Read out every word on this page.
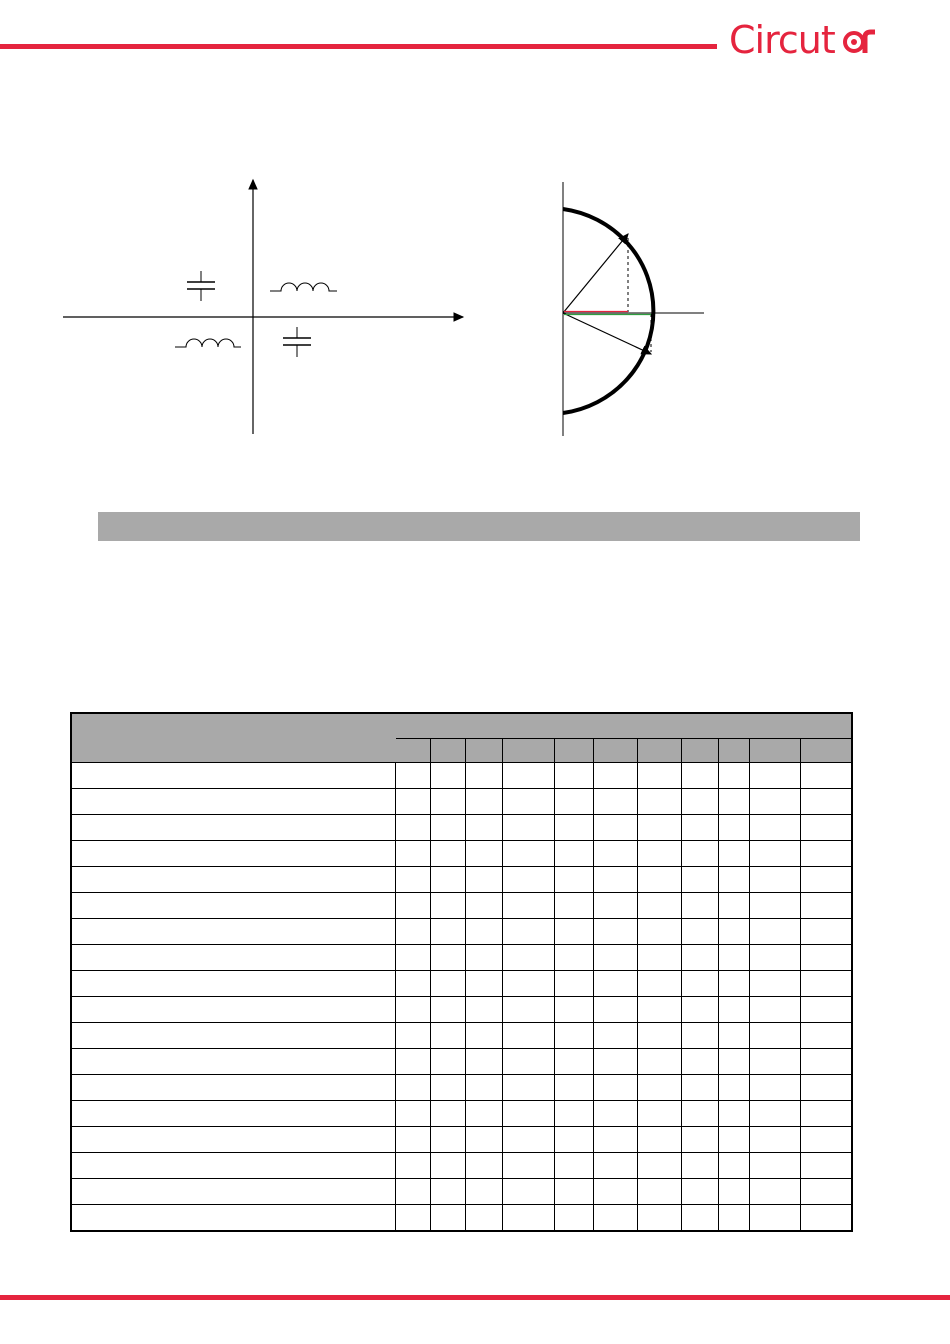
Circut
